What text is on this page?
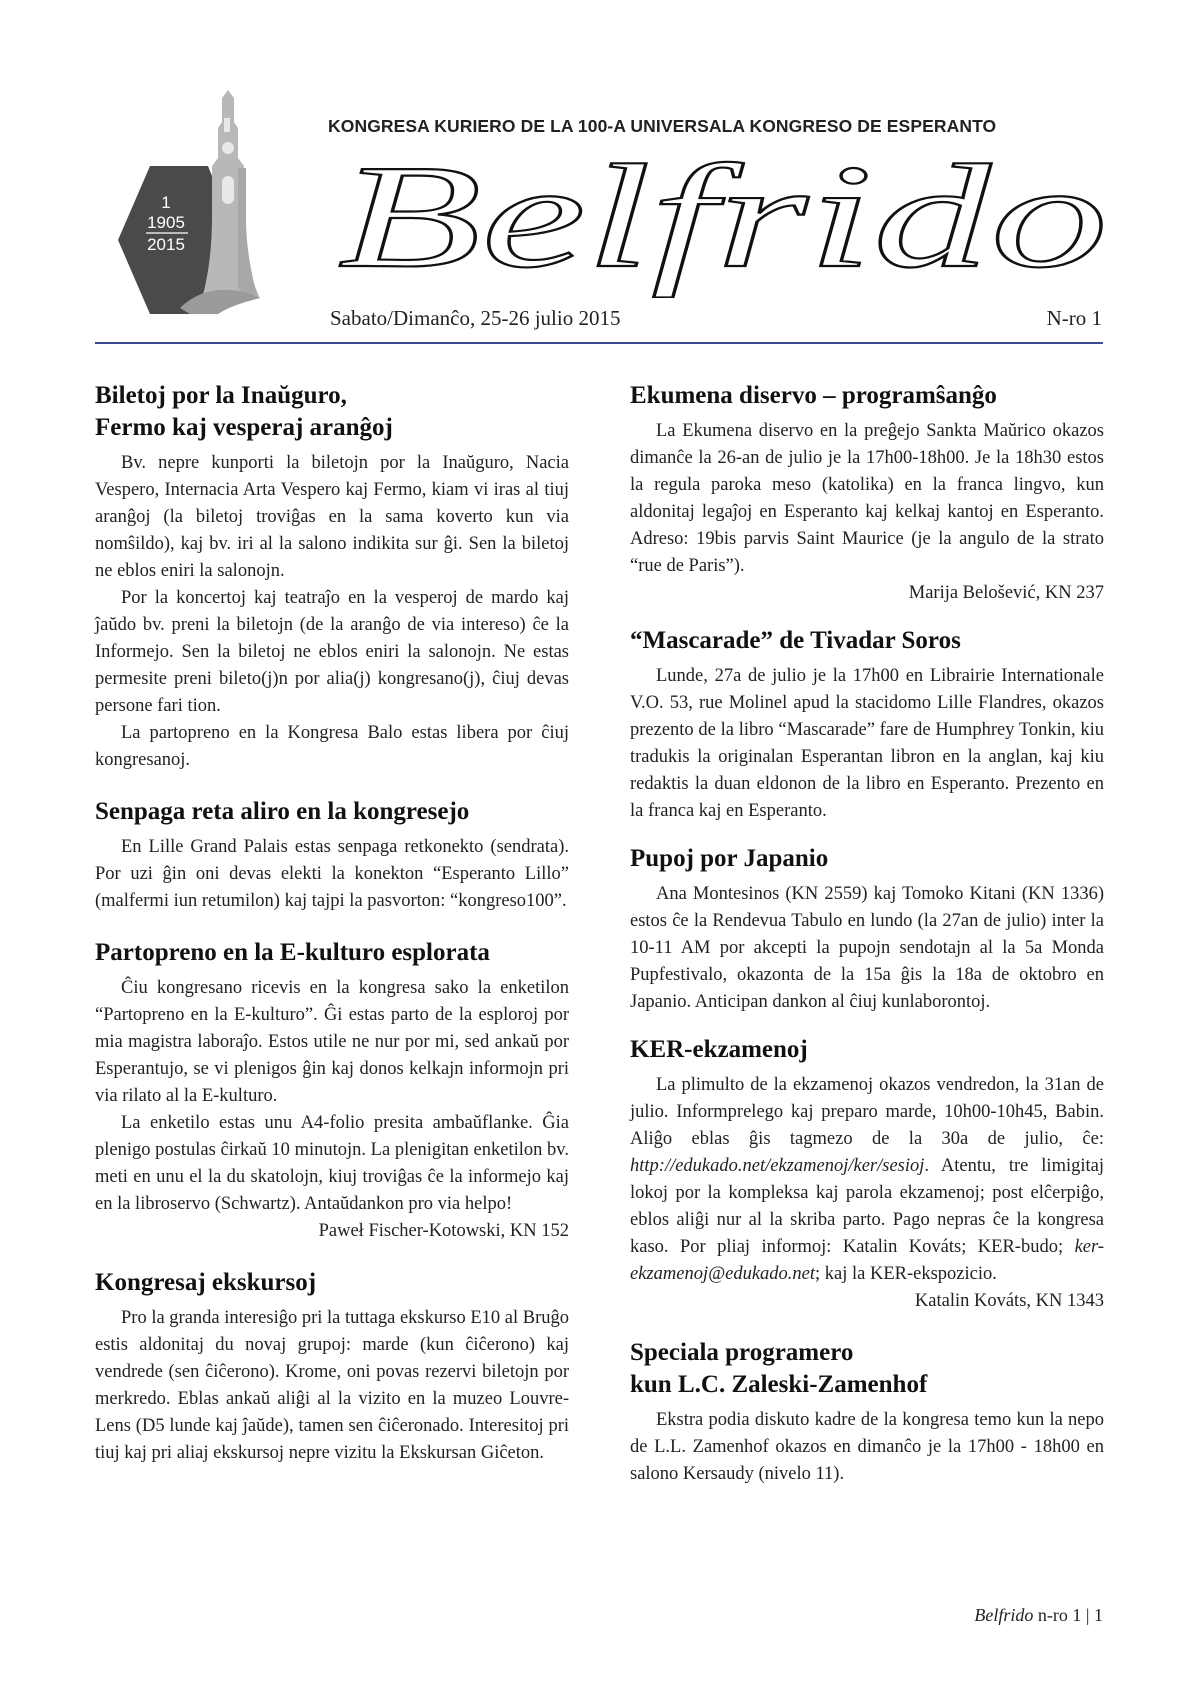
1
1905
2015
KONGRESA KURIERO DE LA 100-A UNIVERSALA KONGRESO DE ESPERANTO
Belfrido
Sabato/Dimanĉo, 25-26 julio 2015	N-ro 1
Biletoj por la Inaŭguro,
Fermo kaj vesperaj aranĝoj

Bv. nepre kunporti la biletojn por la Inaŭguro, Nacia Vespero, Internacia Arta Vespero kaj Fermo, kiam vi iras al tiuj aranĝoj (la biletoj troviĝas en la sama koverto kun via nomŝildo), kaj bv. iri al la salono indikita sur ĝi. Sen la biletoj ne eblos eniri la salonojn.

Por la koncertoj kaj teatraĵo en la vesperoj de mardo kaj ĵaŭdo bv. preni la biletojn (de la aranĝo de via intereso) ĉe la Informejo. Sen la biletoj ne eblos eniri la salonojn. Ne estas permesite preni bileto(j)n por alia(j) kongresano(j), ĉiuj devas persone fari tion.

La partopreno en la Kongresa Balo estas libera por ĉiuj kongresanoj.

Senpaga reta aliro en la kongresejo

En Lille Grand Palais estas senpaga retkonekto (sendrata). Por uzi ĝin oni devas elekti la konekton “Esperanto Lillo” (malfermi iun retumilon) kaj tajpi la pasvorton: “kongreso100”.

Partopreno en la E-kulturo esplorata

Ĉiu kongresano ricevis en la kongresa sako la enketilon “Partopreno en la E-kulturo”. Ĝi estas parto de la esploroj por mia magistra laboraĵo. Estos utile ne nur por mi, sed ankaŭ por Esperantujo, se vi plenigos ĝin kaj donos kelkajn informojn pri via rilato al la E-kulturo.

La enketilo estas unu A4-folio presita ambaŭflanke. Ĝia plenigo postulas ĉirkaŭ 10 minutojn. La plenigitan enketilon bv. meti en unu el la du skatolojn, kiuj troviĝas ĉe la informejo kaj en la libroservo (Schwartz). Antaŭdankon pro via helpo!

Paweł Fischer-Kotowski, KN 152

Kongresaj ekskursoj

Pro la granda interesiĝo pri la tuttaga ekskurso E10 al Bruĝo estis aldonitaj du novaj grupoj: marde (kun ĉiĉerono) kaj vendrede (sen ĉiĉerono). Krome, oni povas rezervi biletojn por merkredo. Eblas ankaŭ aliĝi al la vizito en la muzeo Louvre-Lens (D5 lunde kaj ĵaŭde), tamen sen ĉiĉeronado. Interesitoj pri tiuj kaj pri aliaj ekskursoj nepre vizitu la Ekskursan Giĉeton.

Ekumena diservo – programŝanĝo

La Ekumena diservo en la preĝejo Sankta Maŭrico okazos dimanĉe la 26-an de julio je la 17h00-18h00. Je la 18h30 estos la regula paroka meso (katolika) en la franca lingvo, kun aldonitaj legaĵoj en Esperanto kaj kelkaj kantoj en Esperanto. Adreso: 19bis parvis Saint Maurice (je la angulo de la strato “rue de Paris”).

Marija Belošević, KN 237

“Mascarade” de Tivadar Soros

Lunde, 27a de julio je la 17h00 en Librairie Internationale V.O. 53, rue Molinel apud la stacidomo Lille Flandres, okazos prezento de la libro “Mascarade” fare de Humphrey Tonkin, kiu tradukis la originalan Esperantan libron en la anglan, kaj kiu redaktis la duan eldonon de la libro en Esperanto. Prezento en la franca kaj en Esperanto.

Pupoj por Japanio

Ana Montesinos (KN 2559) kaj Tomoko Kitani (KN 1336) estos ĉe la Rendevua Tabulo en lundo (la 27an de julio) inter la 10-11 AM por akcepti la pupojn sendotajn al la 5a Monda Pupfestivalo, okazonta de la 15a ĝis la 18a de oktobro en Japanio. Anticipan dankon al ĉiuj kunlaborontoj.

KER-ekzamenoj

La plimulto de la ekzamenoj okazos vendredon, la 31an de julio. Informprelego kaj preparo marde, 10h00-10h45, Babin. Aliĝo eblas ĝis tagmezo de la 30a de julio, ĉe: http://edukado.net/ekzamenoj/ker/sesioj. Atentu, tre limigitaj lokoj por la kompleksa kaj parola ekzamenoj; post elĉerpiĝo, eblos aliĝi nur al la skriba parto. Pago nepras ĉe la kongresa kaso. Por pliaj informoj: Katalin Kováts; KER-budo; ker-ekzamenoj@edukado.net; kaj la KER-ekspozicio.

Katalin Kováts, KN 1343

Speciala programero
kun L.C. Zaleski-Zamenhof

Ekstra podia diskuto kadre de la kongresa temo kun la nepo de L.L. Zamenhof okazos en dimanĉo je la 17h00 - 18h00 en salono Kersaudy (nivelo 11).

Belfrido n-ro 1 | 1
